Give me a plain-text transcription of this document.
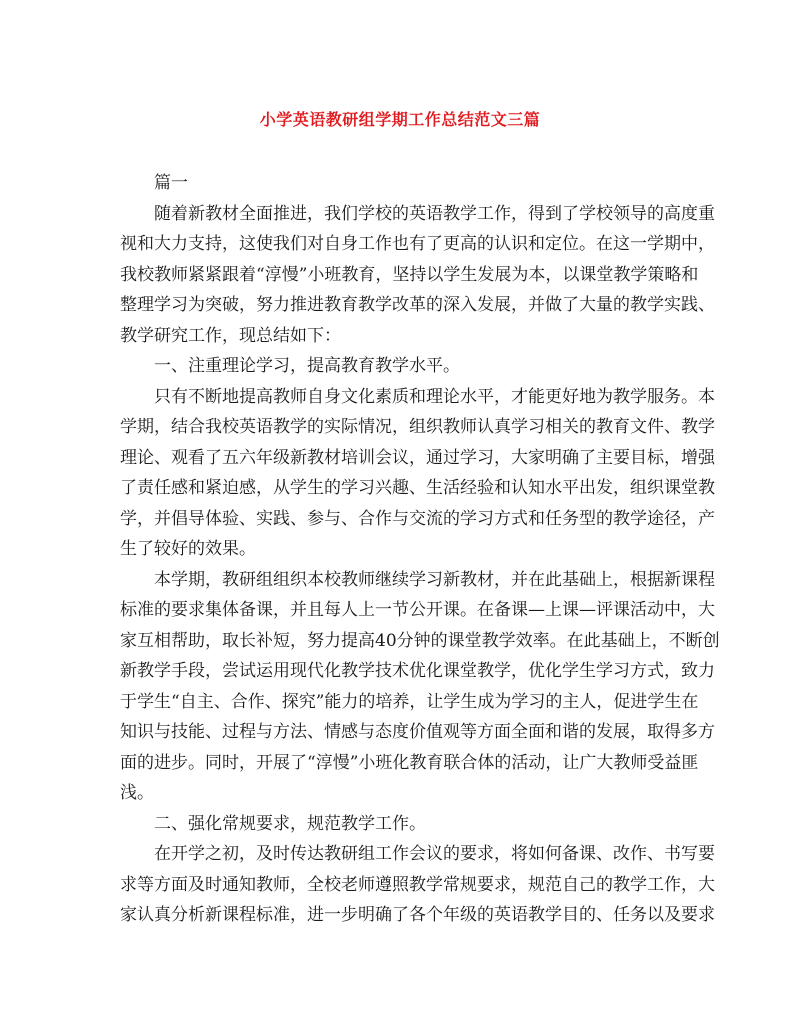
小学英语教研组学期工作总结范文三篇
篇一
随着新教材全面推进，我们学校的英语教学工作，得到了学校领导的高度重
视和大力支持，这使我们对自身工作也有了更高的认识和定位。在这一学期中，
我校教师紧紧跟着“淳慢”小班教育，坚持以学生发展为本，以课堂教学策略和
整理学习为突破，努力推进教育教学改革的深入发展，并做了大量的教学实践、
教学研究工作，现总结如下：
一、注重理论学习，提高教育教学水平。
只有不断地提高教师自身文化素质和理论水平，才能更好地为教学服务。本
学期，结合我校英语教学的实际情况，组织教师认真学习相关的教育文件、教学
理论、观看了五六年级新教材培训会议，通过学习，大家明确了主要目标，增强
了责任感和紧迫感，从学生的学习兴趣、生活经验和认知水平出发，组织课堂教
学，并倡导体验、实践、参与、合作与交流的学习方式和任务型的教学途径，产
生了较好的效果。
本学期，教研组组织本校教师继续学习新教材，并在此基础上，根据新课程
标准的要求集体备课，并且每人上一节公开课。在备课—上课—评课活动中，大
家互相帮助，取长补短，努力提高40分钟的课堂教学效率。在此基础上，不断创
新教学手段，尝试运用现代化教学技术优化课堂教学，优化学生学习方式，致力
于学生“自主、合作、探究”能力的培养，让学生成为学习的主人，促进学生在
知识与技能、过程与方法、情感与态度价值观等方面全面和谐的发展，取得多方
面的进步。同时，开展了“淳慢”小班化教育联合体的活动，让广大教师受益匪
浅。
二、强化常规要求，规范教学工作。
在开学之初，及时传达教研组工作会议的要求，将如何备课、改作、书写要
求等方面及时通知教师，全校老师遵照教学常规要求，规范自己的教学工作，大
家认真分析新课程标准，进一步明确了各个年级的英语教学目的、任务以及要求
